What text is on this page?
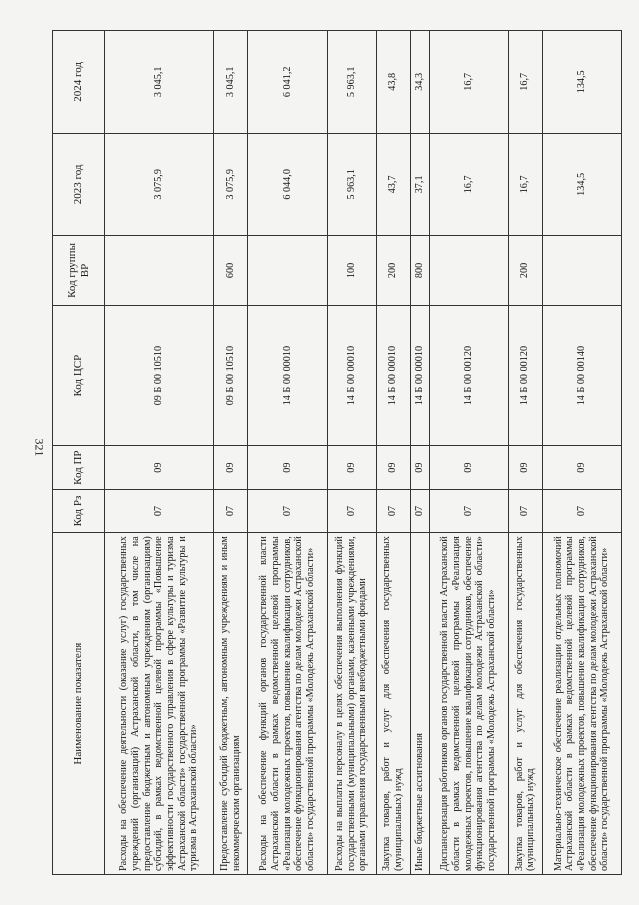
321
Наименование показателя	Код Рз	Код ПР	Код ЦСР	Код группы ВР	2023 год	2024 год
Расходы на обеспечение деятельности (оказание услуг) государственных учреждений (организаций) Астраханской области, в том числе на предоставление бюджетным и автономным учреждениям (организациям) субсидий, в рамках ведомственной целевой программы «Повышение эффективности государственного управления в сфере культуры и туризма Астраханской области» государственной программы «Развитие культуры и туризма в Астраханской области»	07	09	09 Б 00 10510		3 075,9	3 045,1
Предоставление субсидий бюджетным, автономным учреждениям и иным некоммерческим организациям	07	09	09 Б 00 10510	600	3 075,9	3 045,1
Расходы на обеспечение функций органов государственной власти Астраханской области в рамках ведомственной целевой программы «Реализация молодежных проектов, повышение квалификации сотрудников, обеспечение функционирования агентства по делам молодежи Астраханской области» государственной программы «Молодежь Астраханской области»	07	09	14 Б 00 00010		6 044,0	6 041,2
Расходы на выплаты персоналу в целях обеспечения выполнения функций государственными (муниципальными) органами, казенными учреждениями, органами управления государственными внебюджетными фондами	07	09	14 Б 00 00010	100	5 963,1	5 963,1
Закупка товаров, работ и услуг для обеспечения государственных (муниципальных) нужд	07	09	14 Б 00 00010	200	43,7	43,8
Иные бюджетные ассигнования	07	09	14 Б 00 00010	800	37,1	34,3
Диспансеризация работников органов государственной власти Астраханской области в рамках ведомственной целевой программы «Реализация молодежных проектов, повышение квалификации сотрудников, обеспечение функционирования агентства по делам молодежи Астраханской области» государственной программы «Молодежь Астраханской области»	07	09	14 Б 00 00120		16,7	16,7
Закупка товаров, работ и услуг для обеспечения государственных (муниципальных) нужд	07	09	14 Б 00 00120	200	16,7	16,7
Материально-техническое обеспечение реализации отдельных полномочий Астраханской области в рамках ведомственной целевой программы «Реализация молодежных проектов, повышение квалификации сотрудников, обеспечение функционирования агентства по делам молодежи Астраханской области» государственной программы «Молодежь Астраханской области»	07	09	14 Б 00 00140		134,5	134,5
